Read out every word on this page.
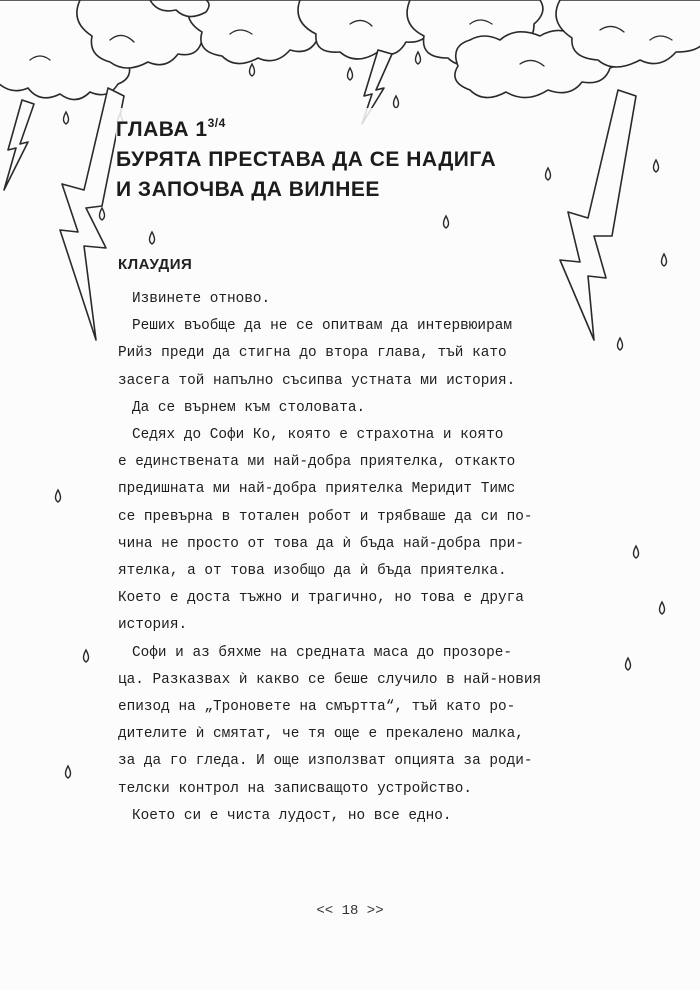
ГЛАВА $1^{3/4}$
БУРЯТА ПРЕСТАВА ДА СЕ НАДИГА
И ЗАПОЧВА ДА ВИЛНЕЕ
КЛАУДИЯ
Извинете отново.
Реших въобще да не се опитвам да интервюирам
Рийз преди да стигна до втора глава, тъй като
засега той напълно съсипва устната ми история.
Да се върнем към столовата.
Седях до Софи Ко, която е страхотна и която
е единствената ми най-добра приятелка, откакто
предишната ми най-добра приятелка Меридит Тимс
се превърна в тотален робот и трябваше да си по-
чина не просто от това да ѝ бъда най-добра при-
ятелка, а от това изобщо да ѝ бъда приятелка.
Което е доста тъжно и трагично, но това е друга
история.
Софи и аз бяхме на средната маса до прозоре-
ца. Разказвах ѝ какво се беше случило в най-новия
епизод на „Троновете на смъртта“, тъй като ро-
дителите ѝ смятат, че тя още е прекалено малка,
за да го гледа. И още използват опцията за роди-
телски контрол на записващото устройство.
Което си е чиста лудост, но все едно.
<< 18 >>
